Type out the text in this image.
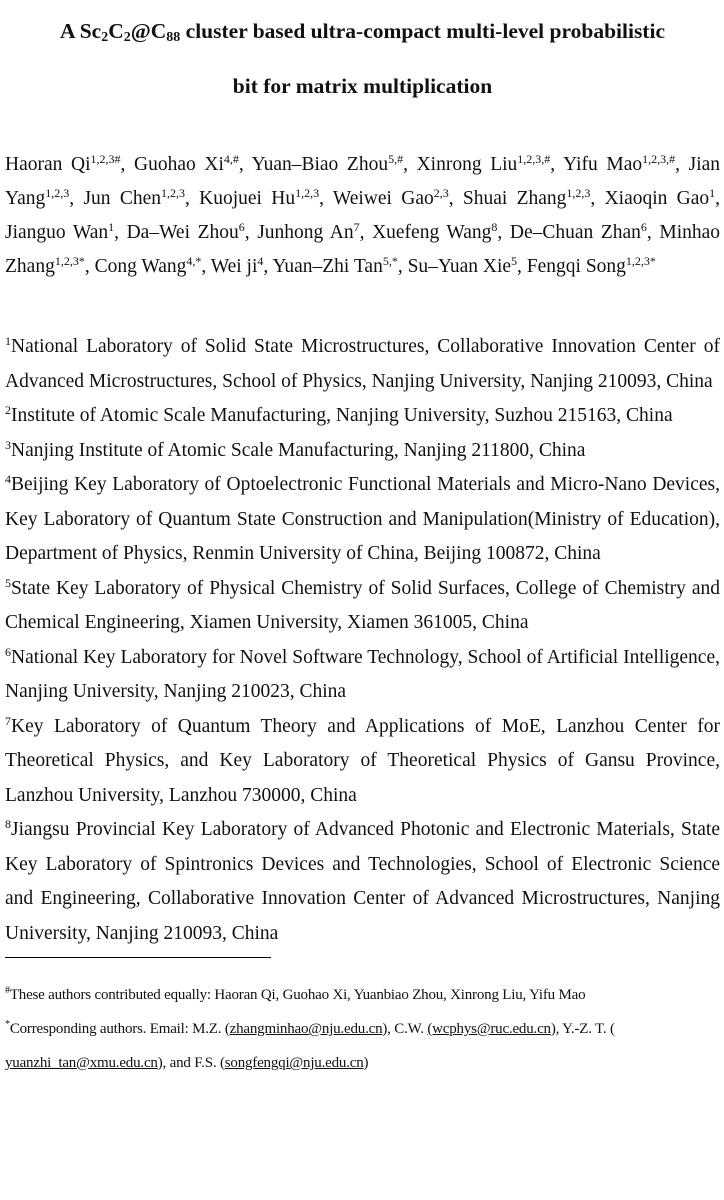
A $Sc_2C_2@C_{88}$ cluster based ultra-compact multi-level probabilistic
bit for matrix multiplication
Haoran $Qi^{1,2,3\#}$, Guohao $Xi^{4,\#}$, Yuan–Biao Zhou$^{5,\#}$, Xinrong Liu$^{1,2,3,\#}$, Yifu Mao$^{1,2,3,\#}$, Jian Yang$^{1,2,3}$, Jun Chen$^{1,2,3}$, Kuojuei Hu$^{1,2,3}$, Weiwei Gao$^{2,3}$, Shuai Zhang$^{1,2,3}$, Xiaoqin Gao$^1$, Jianguo Wan$^1$, Da–Wei Zhou$^6$, Junhong An$^7$, Xuefeng Wang$^8$, De–Chuan Zhan$^6$, Minhao Zhang$^{1,2,3*}$, Cong Wang$^{4,*}$, Wei $ji^4$, Yuan–Zhi Tan$^{5,*}$, Su–Yuan Xie$^5$, Fengqi Song$^{1,2,3*}$

$^1$National Laboratory of Solid State Microstructures, Collaborative Innovation Center of Advanced Microstructures, School of Physics, Nanjing University, Nanjing 210093, China

$^2$Institute of Atomic Scale Manufacturing, Nanjing University, Suzhou 215163, China

$^3$Nanjing Institute of Atomic Scale Manufacturing, Nanjing 211800, China

$^4$Beijing Key Laboratory of Optoelectronic Functional Materials and Micro-Nano Devices, Key Laboratory of Quantum State Construction and Manipulation(Ministry of Education), Department of Physics, Renmin University of China, Beijing 100872, China

$^5$State Key Laboratory of Physical Chemistry of Solid Surfaces, College of Chemistry and Chemical Engineering, Xiamen University, Xiamen 361005, China

$^6$National Key Laboratory for Novel Software Technology, School of Artificial Intelligence, Nanjing University, Nanjing 210023, China

$^7$Key Laboratory of Quantum Theory and Applications of MoE, Lanzhou Center for Theoretical Physics, and Key Laboratory of Theoretical Physics of Gansu Province, Lanzhou University, Lanzhou 730000, China

$^8$Jiangsu Provincial Key Laboratory of Advanced Photonic and Electronic Materials, State Key Laboratory of Spintronics Devices and Technologies, School of Electronic Science and Engineering, Collaborative Innovation Center of Advanced Microstructures, Nanjing University, Nanjing 210093, China

#These authors contributed equally: Haoran Qi, Guohao Xi, Yuanbiao Zhou, Xinrong Liu, Yifu Mao
*Corresponding authors. Email: M.Z. (zhangminhao@nju.edu.cn), C.W. (wcphys@ruc.edu.cn), Y.-Z. T. (
yuanzhi_tan@xmu.edu.cn), and F.S. (songfengqi@nju.edu.cn)
